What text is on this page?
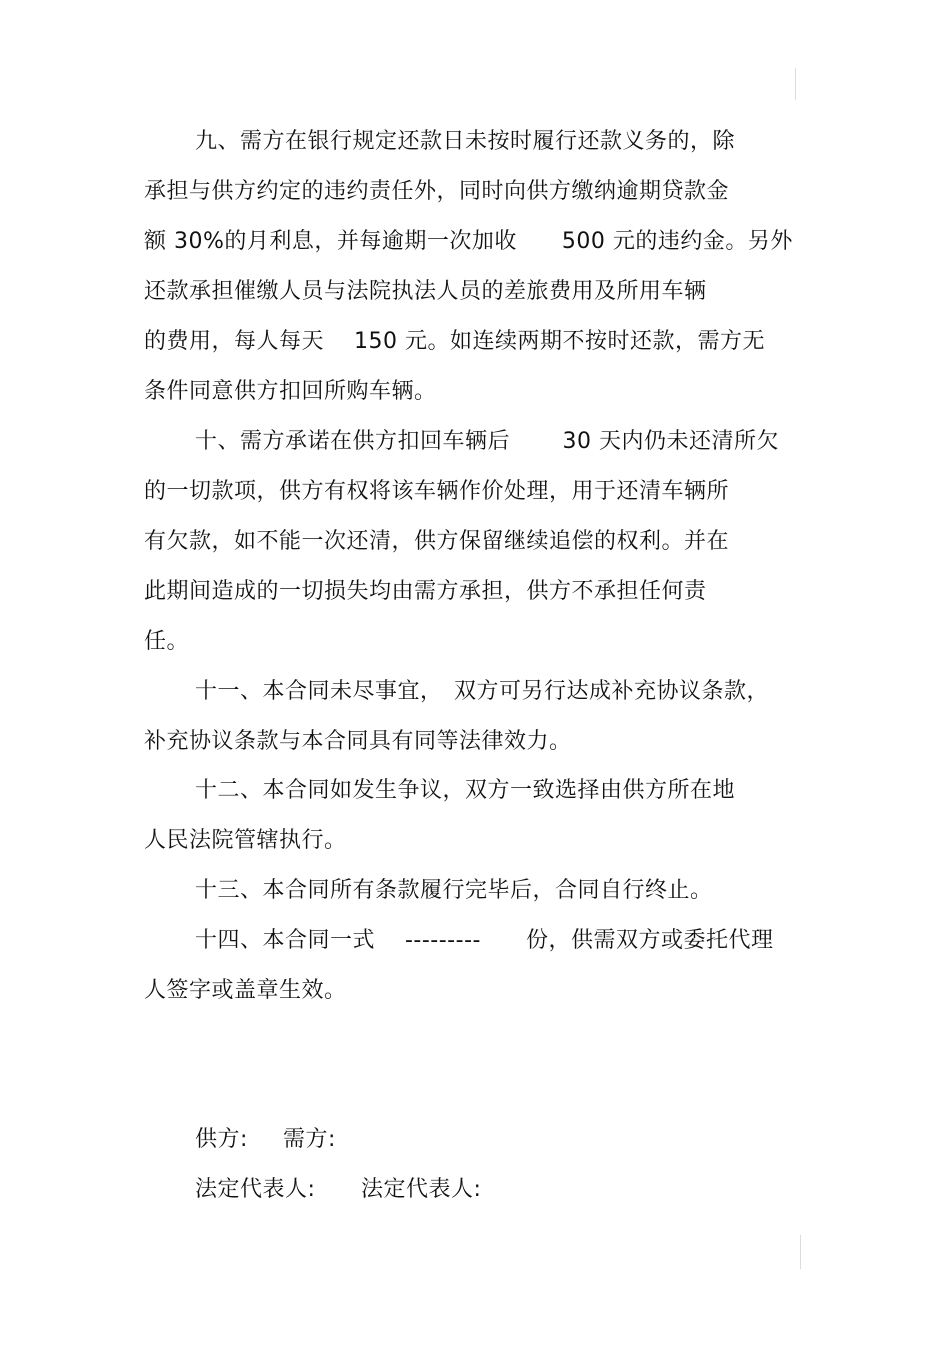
九、需方在银行规定还款日未按时履行还款义务的，除
承担与供方约定的违约责任外，同时向供方缴纳逾期贷款金
额 30%的月利息，并每逾期一次加收　　500 元的违约金。另外
还款承担催缴人员与法院执法人员的差旅费用及所用车辆
的费用，每人每天　 150 元。如连续两期不按时还款，需方无
条件同意供方扣回所购车辆。
十、需方承诺在供方扣回车辆后　　 30 天内仍未还清所欠
的一切款项，供方有权将该车辆作价处理，用于还清车辆所
有欠款，如不能一次还清，供方保留继续追偿的权利。并在
此期间造成的一切损失均由需方承担，供方不承担任何责
任。
十一、本合同未尽事宜，　双方可另行达成补充协议条款，
补充协议条款与本合同具有同等法律效力。
十二、本合同如发生争议，双方一致选择由供方所在地
人民法院管辖执行。
十三、本合同所有条款履行完毕后，合同自行终止。
十四、本合同一式　 ---------　　份，供需双方或委托代理
人签字或盖章生效。
供方: 需方:
法定代表人: 法定代表人:
